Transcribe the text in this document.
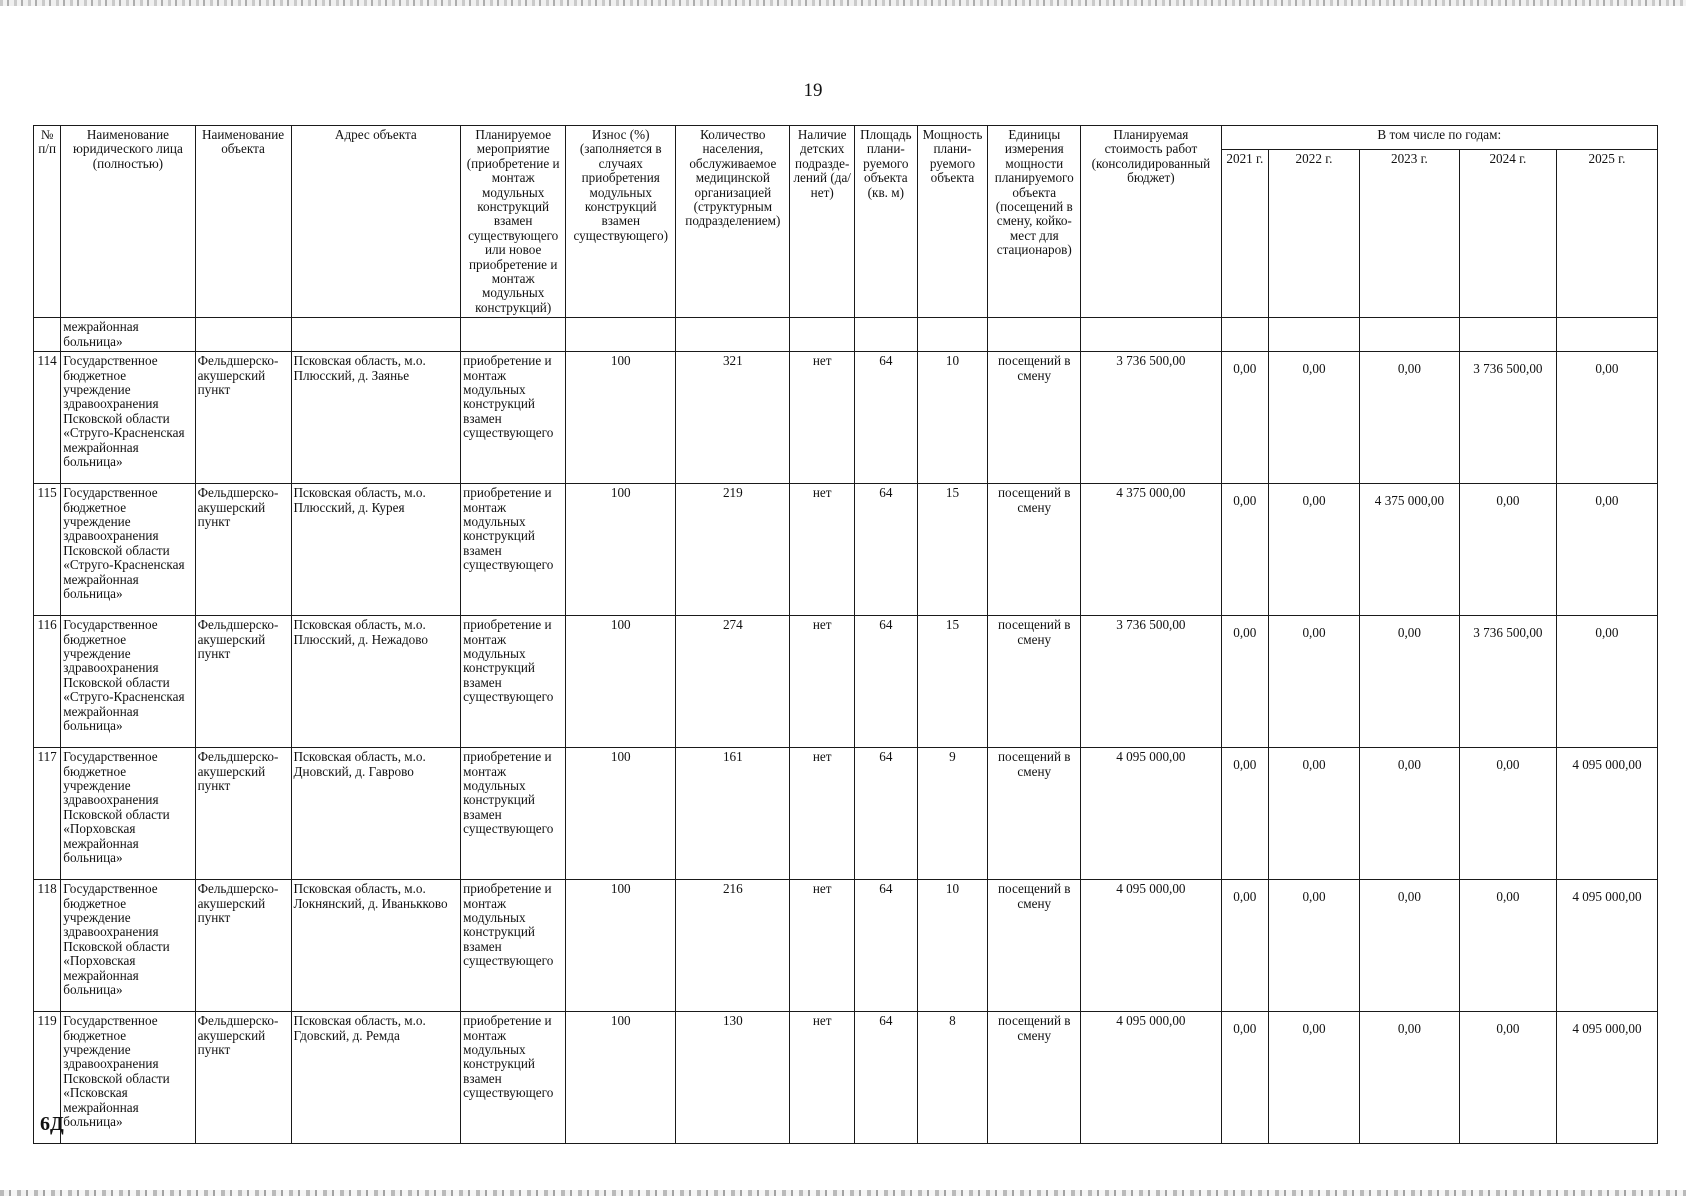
19
№ п/п	Наименование юридического лица (полностью)	Наименование объекта	Адрес объекта	Планируемое мероприятие (приобретение и монтаж модульных конструкций взамен существующего или новое приобретение и монтаж модульных конструкций)	Износ (%) (заполняется в случаях приобретения модульных конструкций взамен существующего)	Количество населения, обслуживаемое медицинской организацией (структурным подразделением)	Наличие детских подразде-лений (да/нет)	Площадь плани-руемого объекта (кв. м)	Мощность плани-руемого объекта	Единицы измерения мощности планируемого объекта (посещений в смену, койко-мест для стационаров)	Планируемая стоимость работ (консолидированный бюджет)	В том числе по годам:				
												2021 г.	2022 г.	2023 г.	2024 г.	2025 г.
	межрайонная больница»															
114	Государственное бюджетное учреждение здравоохранения Псковской области «Струго-Красненская межрайонная больница»	Фельдшерско-акушерский пункт	Псковская область, м.о. Плюсский, д. Заянье	приобретение и монтаж модульных конструкций взамен существующего	100	321	нет	64	10	посещений в смену	3 736 500,00	0,00	0,00	0,00	3 736 500,00	0,00
115	Государственное бюджетное учреждение здравоохранения Псковской области «Струго-Красненская межрайонная больница»	Фельдшерско-акушерский пункт	Псковская область, м.о. Плюсский, д. Курея	приобретение и монтаж модульных конструкций взамен существующего	100	219	нет	64	15	посещений в смену	4 375 000,00	0,00	0,00	4 375 000,00	0,00	0,00
116	Государственное бюджетное учреждение здравоохранения Псковской области «Струго-Красненская межрайонная больница»	Фельдшерско-акушерский пункт	Псковская область, м.о. Плюсский, д. Нежадово	приобретение и монтаж модульных конструкций взамен существующего	100	274	нет	64	15	посещений в смену	3 736 500,00	0,00	0,00	0,00	3 736 500,00	0,00
117	Государственное бюджетное учреждение здравоохранения Псковской области «Порховская межрайонная больница»	Фельдшерско-акушерский пункт	Псковская область, м.о. Дновский, д. Гаврово	приобретение и монтаж модульных конструкций взамен существующего	100	161	нет	64	9	посещений в смену	4 095 000,00	0,00	0,00	0,00	0,00	4 095 000,00
118	Государственное бюджетное учреждение здравоохранения Псковской области «Порховская межрайонная больница»	Фельдшерско-акушерский пункт	Псковская область, м.о. Локнянский, д. Иванькково	приобретение и монтаж модульных конструкций взамен существующего	100	216	нет	64	10	посещений в смену	4 095 000,00	0,00	0,00	0,00	0,00	4 095 000,00
119	Государственное бюджетное учреждение здравоохранения Псковской области «Псковская межрайонная больница»	Фельдшерско-акушерский пункт	Псковская область, м.о. Гдовский, д. Ремда	приобретение и монтаж модульных конструкций взамен существующего	100	130	нет	64	8	посещений в смену	4 095 000,00	0,00	0,00	0,00	0,00	4 095 000,00
6Д
